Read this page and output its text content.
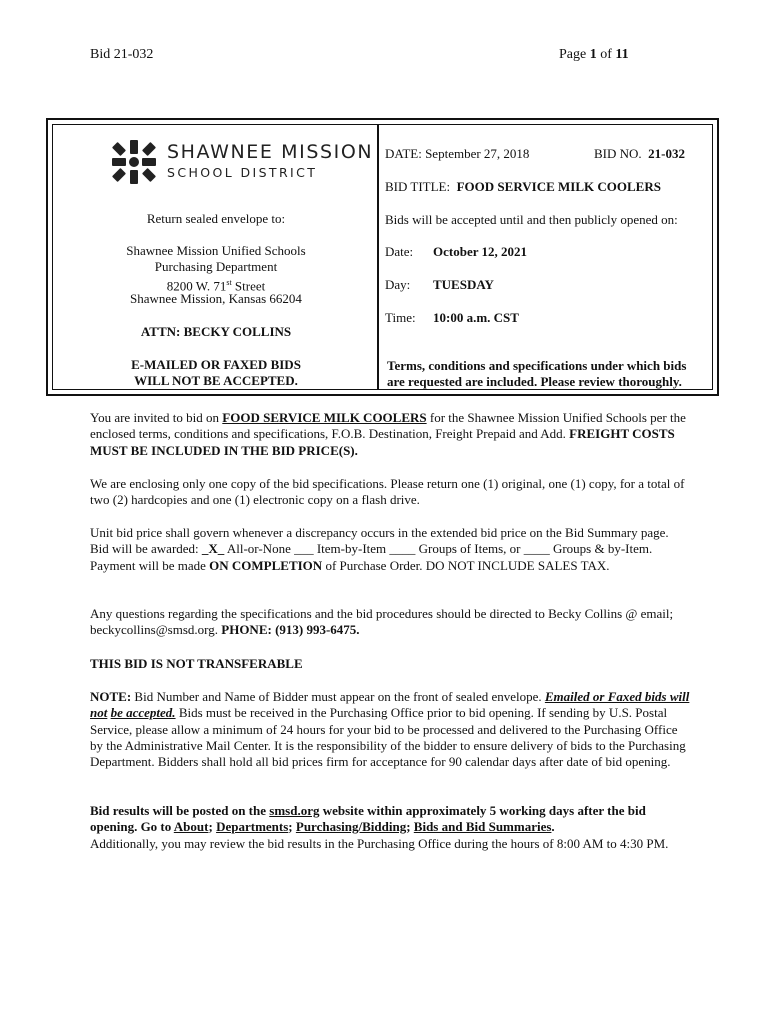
Bid 21-032	Page 1 of 11
SHAWNEE MISSION
SCHOOL DISTRICT
Return sealed envelope to:
Shawnee Mission Unified Schools
Purchasing Department
8200 W. 71st Street
Shawnee Mission, Kansas 66204
ATTN: BECKY COLLINS
E-MAILED OR FAXED BIDS
WILL NOT BE ACCEPTED.
DATE: September 27, 2018	BID NO. 21-032
BID TITLE: FOOD SERVICE MILK COOLERS
Bids will be accepted until and then publicly opened on:
Date: October 12, 2021
Day: TUESDAY
Time: 10:00 a.m. CST
Terms, conditions and specifications under which bids
are requested are included. Please review thoroughly.

You are invited to bid on FOOD SERVICE MILK COOLERS for the Shawnee Mission Unified Schools per the enclosed terms, conditions and specifications, F.O.B. Destination, Freight Prepaid and Add. FREIGHT COSTS MUST BE INCLUDED IN THE BID PRICE(S).

We are enclosing only one copy of the bid specifications. Please return one (1) original, one (1) copy, for a total of two (2) hardcopies and one (1) electronic copy on a flash drive.

Unit bid price shall govern whenever a discrepancy occurs in the extended bid price on the Bid Summary page. Bid will be awarded: _X_ All-or-None ___ Item-by-Item ____ Groups of Items, or ____ Groups & by-Item. Payment will be made ON COMPLETION of Purchase Order. DO NOT INCLUDE SALES TAX.

Any questions regarding the specifications and the bid procedures should be directed to Becky Collins @ email; beckycollins@smsd.org. PHONE: (913) 993-6475.

THIS BID IS NOT TRANSFERABLE

NOTE: Bid Number and Name of Bidder must appear on the front of sealed envelope. Emailed or Faxed bids will not be accepted. Bids must be received in the Purchasing Office prior to bid opening. If sending by U.S. Postal Service, please allow a minimum of 24 hours for your bid to be processed and delivered to the Purchasing Office by the Administrative Mail Center. It is the responsibility of the bidder to ensure delivery of bids to the Purchasing Department. Bidders shall hold all bid prices firm for acceptance for 90 calendar days after date of bid opening.

Bid results will be posted on the smsd.org website within approximately 5 working days after the bid opening. Go to About; Departments; Purchasing/Bidding; Bids and Bid Summaries.

Additionally, you may review the bid results in the Purchasing Office during the hours of 8:00 AM to 4:30 PM.
